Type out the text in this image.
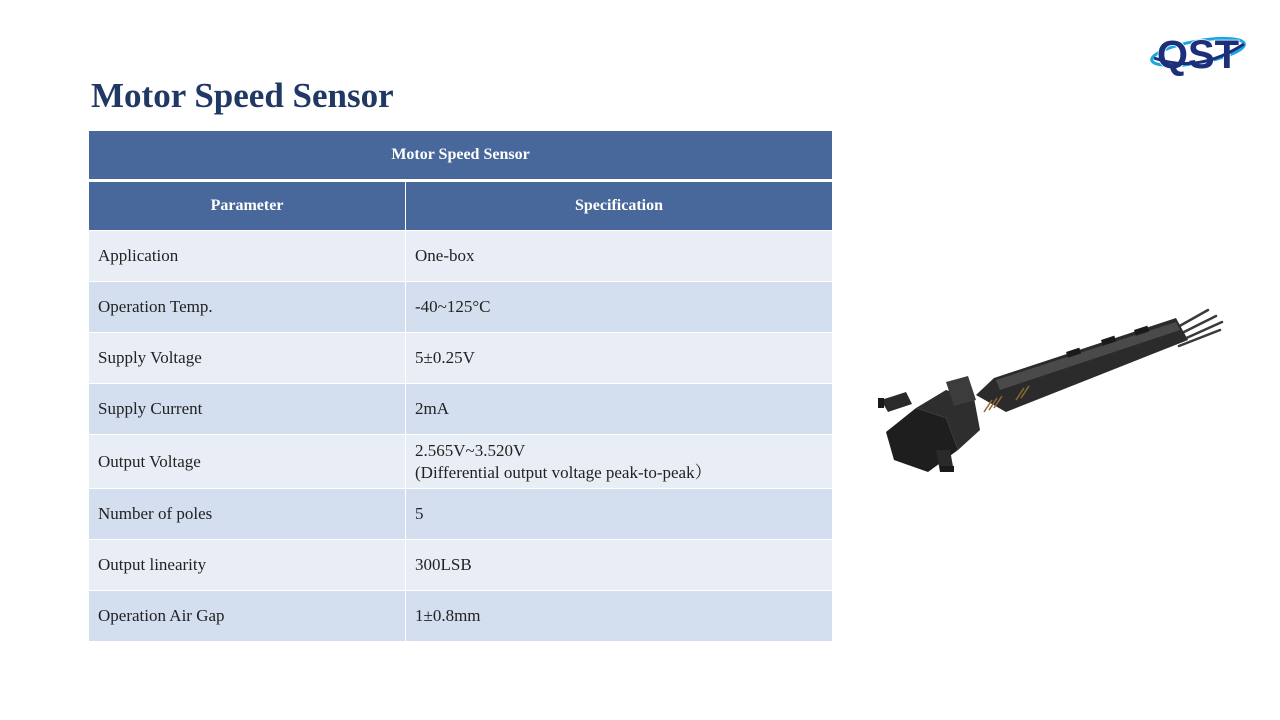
Motor Speed Sensor
QST
Motor Speed Sensor	
Parameter	Specification
Application	One-box
Operation Temp.	-40~125°C
Supply Voltage	5±0.25V
Supply Current	2mA
Output Voltage	2.565V~3.520V
(Differential output voltage peak-to-peak）

Number of poles	5
Output linearity	300LSB
Operation Air Gap	1±0.8mm
